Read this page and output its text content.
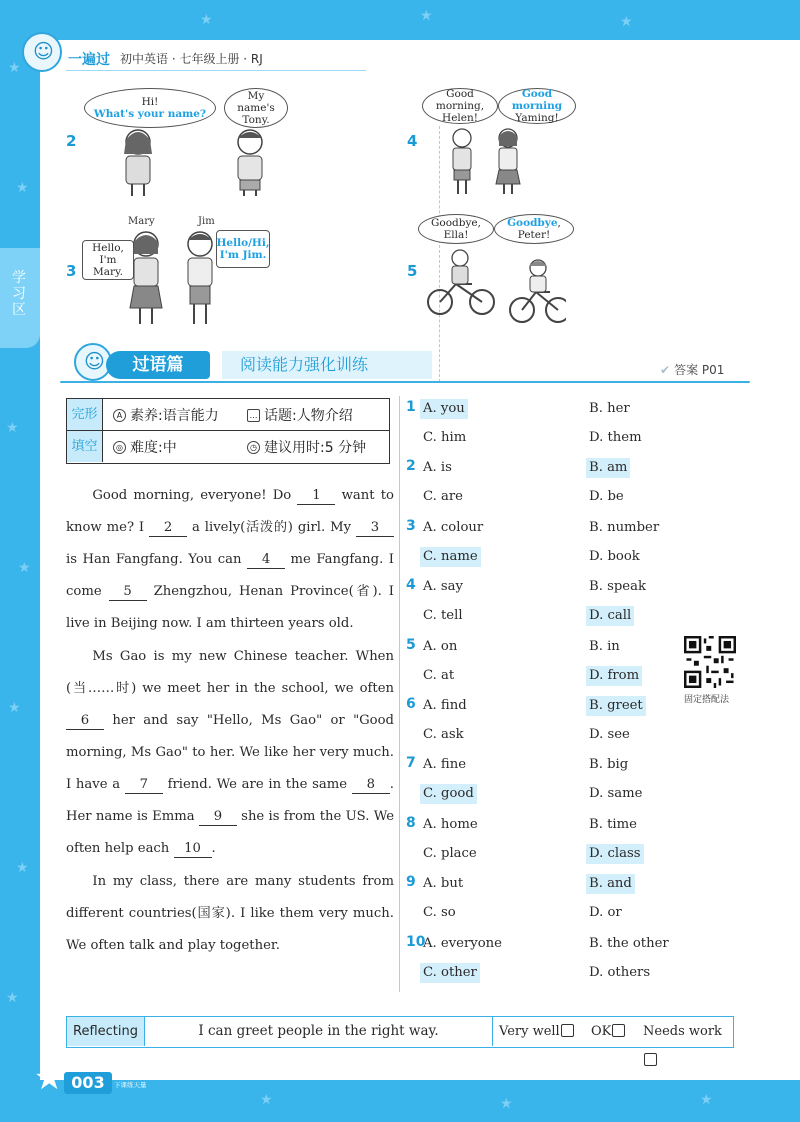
★
★
★
★
★
★
★
★	★	★
★	★	★
学习区
☺
一遍过 初中英语 · 七年级上册 · RJ
2
Hi!
What's your name?
My name's Tony.
3
Mary	Jim
Hello, I'm Mary.
Hello/Hi, I'm Jim.
4
Good morning, Helen!
Good morning
Yaming!
5
Goodbye, Ella!
Goodbye, Peter!
☺
过语篇	阅读能力强化训练	✔ 答案 P01
完形
填空
A 素养:语言能力	… 话题:人物介绍
◎ 难度:中	◷ 建议用时:5 分钟

Good morning, everyone! Do 1 want to know me? I 2 a lively(活泼的) girl. My 3 is Han Fangfang. You can 4 me Fangfang. I come 5 Zhengzhou, Henan Province(省). I live in Beijing now. I am thirteen years old.

Ms Gao is my new Chinese teacher. When (当……时) we meet her in the school, we often 6 her and say "Hello, Ms Gao" or "Good morning, Ms Gao" to her. We like her very much. I have a 7 friend. We are in the same 8 . Her name is Emma 9 she is from the US. We often help each 10 .

In my class, there are many students from different countries(国家). I like them very much. We often talk and play together.

1 A. you	B. her
C. him	D. them
2 A. is	B. am
C. are	D. be
3 A. colour	B. number
C. name	D. book
4 A. say	B. speak
C. tell	D. call
5 A. on	B. in
C. at	D. from
6 A. find	B. greet
C. ask	D. see
7 A. fine	B. big
C. good	D. same
8 A. home	B. time
C. place	D. class
9 A. but	B. and
C. so	D. or
10
A. everyone	B. the other
C. other	D. others
固定搭配法
Reflecting	I can greet people in the right way.	Very well	OK	Needs work
★ 003	上课认真听
下课练天量
